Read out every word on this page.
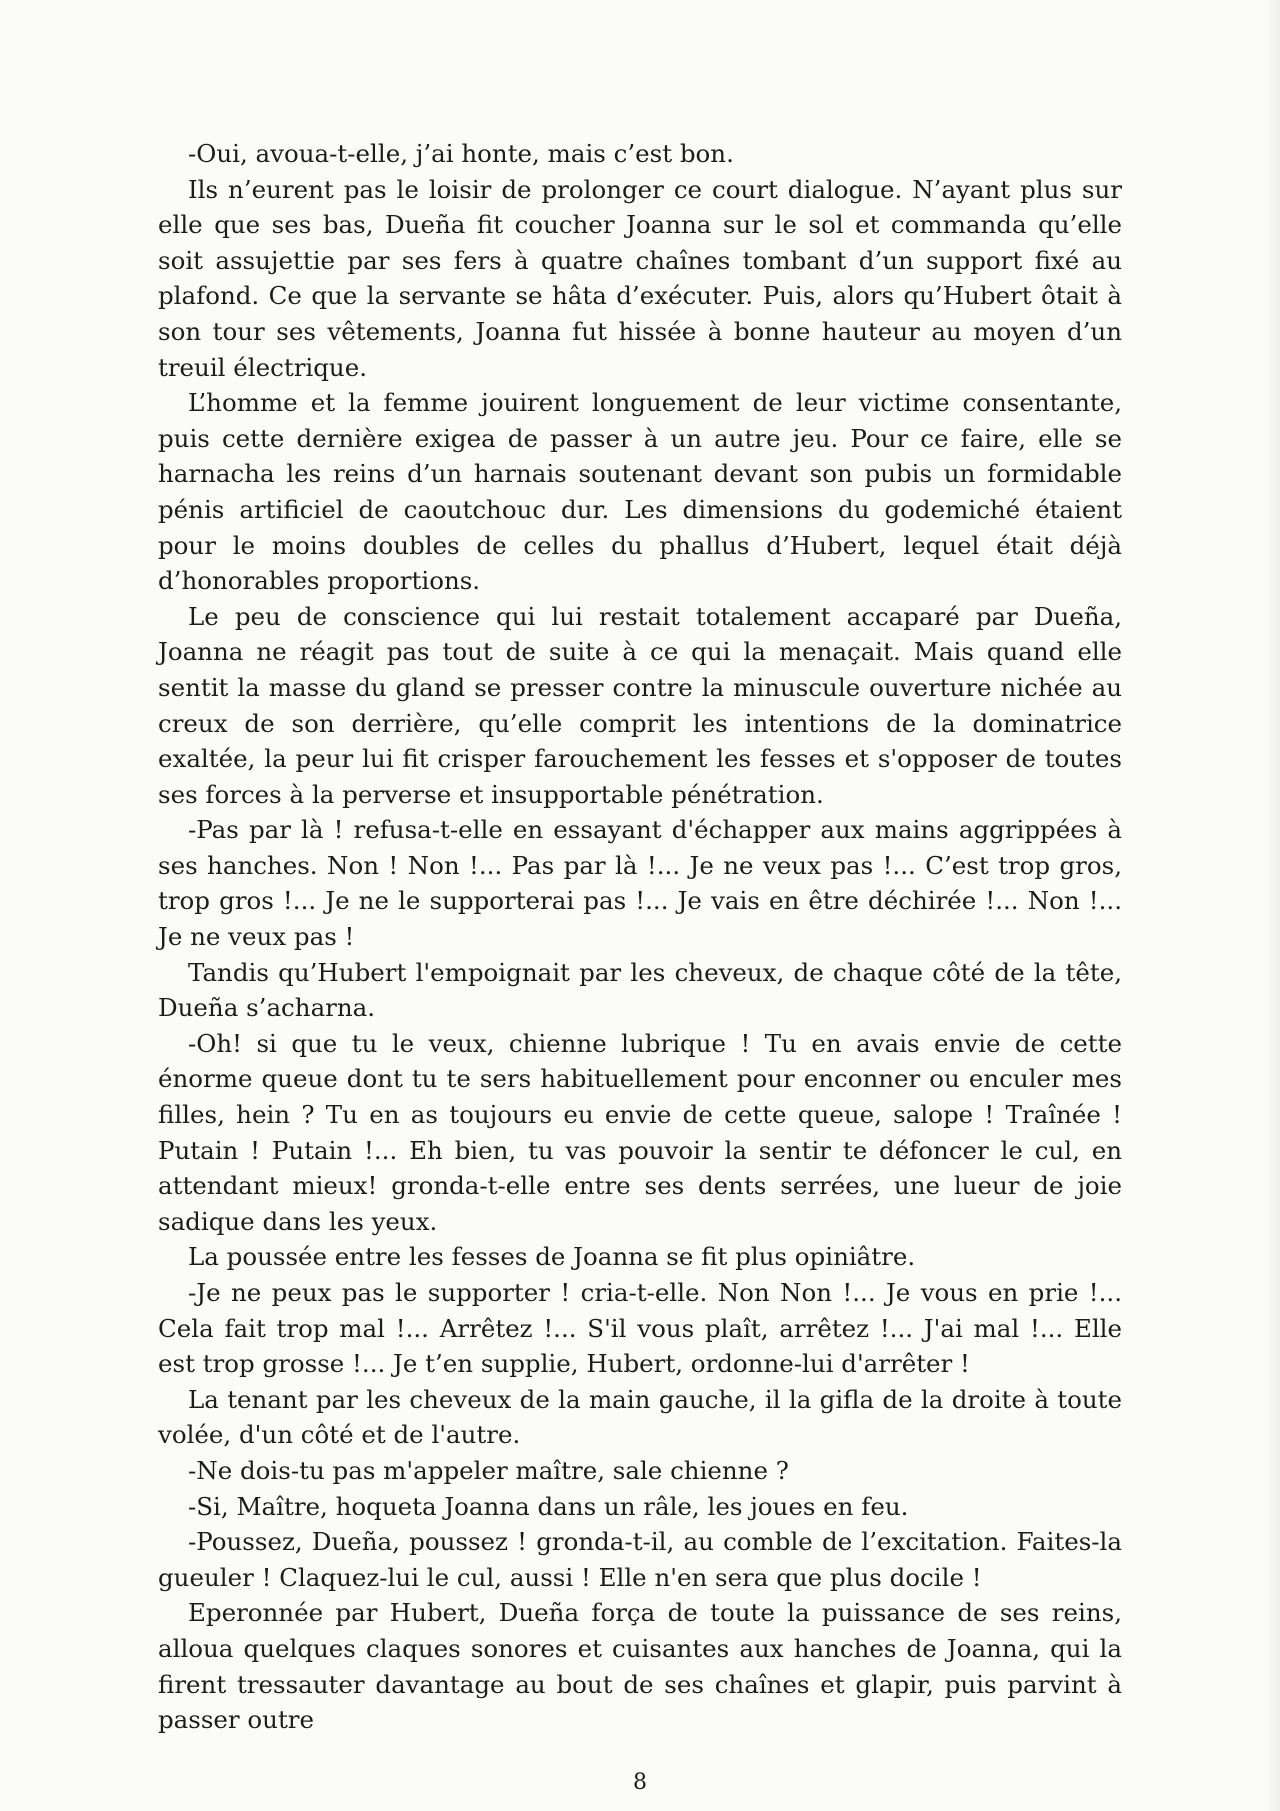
-Oui, avoua-t-elle, j’ai honte, mais c’est bon.

Ils n’eurent pas le loisir de prolonger ce court dialogue. N’ayant plus sur elle que ses bas, Dueña fit coucher Joanna sur le sol et commanda qu’elle soit assujettie par ses fers à quatre chaînes tombant d’un support fixé au plafond. Ce que la servante se hâta d’exécuter. Puis, alors qu’Hubert ôtait à son tour ses vêtements, Joanna fut hissée à bonne hauteur au moyen d’un treuil électrique.

L’homme et la femme jouirent longuement de leur victime consentante, puis cette dernière exigea de passer à un autre jeu. Pour ce faire, elle se harnacha les reins d’un harnais soutenant devant son pubis un formidable pénis artificiel de caoutchouc dur. Les dimensions du godemiché étaient pour le moins doubles de celles du phallus d’Hubert, lequel était déjà d’honorables proportions.

Le peu de conscience qui lui restait totalement accaparé par Dueña, Joanna ne réagit pas tout de suite à ce qui la menaçait. Mais quand elle sentit la masse du gland se presser contre la minuscule ouverture nichée au creux de son derrière, qu’elle comprit les intentions de la dominatrice exaltée, la peur lui fit crisper farouchement les fesses et s'opposer de toutes ses forces à la perverse et insupportable pénétration.

-Pas par là ! refusa-t-elle en essayant d'échapper aux mains aggrippées à ses hanches. Non ! Non !... Pas par là !... Je ne veux pas !... C’est trop gros, trop gros !... Je ne le supporterai pas !... Je vais en être déchirée !... Non !... Je ne veux pas !

Tandis qu’Hubert l'empoignait par les cheveux, de chaque côté de la tête, Dueña s’acharna.

-Oh! si que tu le veux, chienne lubrique ! Tu en avais envie de cette énorme queue dont tu te sers habituellement pour enconner ou enculer mes filles, hein ? Tu en as toujours eu envie de cette queue, salope ! Traînée ! Putain ! Putain !... Eh bien, tu vas pouvoir la sentir te défoncer le cul, en attendant mieux! gronda-t-elle entre ses dents serrées, une lueur de joie sadique dans les yeux.

La poussée entre les fesses de Joanna se fit plus opiniâtre.

-Je ne peux pas le supporter ! cria-t-elle. Non Non !... Je vous en prie !... Cela fait trop mal !... Arrêtez !... S'il vous plaît, arrêtez !... J'ai mal !... Elle est trop grosse !... Je t’en supplie, Hubert, ordonne-lui d'arrêter !

La tenant par les cheveux de la main gauche, il la gifla de la droite à toute volée, d'un côté et de l'autre.

-Ne dois-tu pas m'appeler maître, sale chienne ?

-Si, Maître, hoqueta Joanna dans un râle, les joues en feu.

-Poussez, Dueña, poussez ! gronda-t-il, au comble de l’excitation. Faites-la gueuler ! Claquez-lui le cul, aussi ! Elle n'en sera que plus docile !

Eperonnée par Hubert, Dueña força de toute la puissance de ses reins, alloua quelques claques sonores et cuisantes aux hanches de Joanna, qui la firent tressauter davantage au bout de ses chaînes et glapir, puis parvint à passer outre

8
